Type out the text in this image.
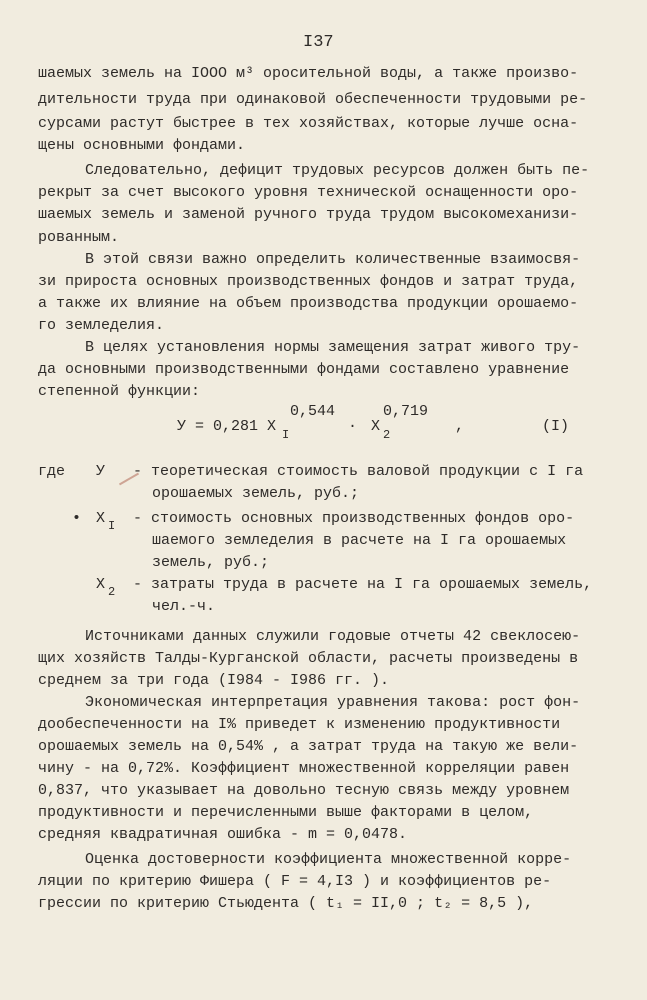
I37
шаемых земель на IOOO м³ оросительной воды, а также произво-
дительности труда при одинаковой обеспеченности трудовыми ре-
сурсами растут быстрее в тех хозяйствах, которые лучше осна-
щены основными фондами.
Следовательно, дефицит трудовых ресурсов должен быть пе-
рекрыт за счет высокого уровня технической оснащенности оро-
шаемых земель и заменой ручного труда трудом высокомеханизи-
рованным.
В этой связи важно определить количественные взаимосвя-
зи прироста основных производственных фондов и затрат труда,
а также их влияние на объем производства продукции орошаемо-
го земледелия.
В целях установления нормы замещения затрат живого тру-
да основными производственными фондами составлено уравнение
степенной функции:
0,544	0,719
У = 0,281 X I	· X 2	,	(I)
где У - теоретическая стоимость валовой продукции с I га
орошаемых земель, руб.;
• X I - стоимость основных производственных фондов оро-
шаемого земледелия в расчете на I га орошаемых
земель, руб.;
X 2 - затраты труда в расчете на I га орошаемых земель,
чел.-ч.
Источниками данных служили годовые отчеты 42 свеклосею-
щих хозяйств Талды-Курганской области, расчеты произведены в
среднем за три года (I984 - I986 гг. ).
Экономическая интерпретация уравнения такова: рост фон-
дообеспеченности на I% приведет к изменению продуктивности
орошаемых земель на 0,54% , а затрат труда на такую же вели-
чину - на 0,72%. Коэффициент множественной корреляции равен
0,837, что указывает на довольно тесную связь между уровнем
продуктивности и перечисленными выше факторами в целом,
средняя квадратичная ошибка - m = 0,0478.
Оценка достоверности коэффициента множественной корре-
ляции по критерию Фишера ( F = 4,I3 ) и коэффициентов ре-
грессии по критерию Стьюдента ( t₁ = II,0 ; t₂ = 8,5 ),
